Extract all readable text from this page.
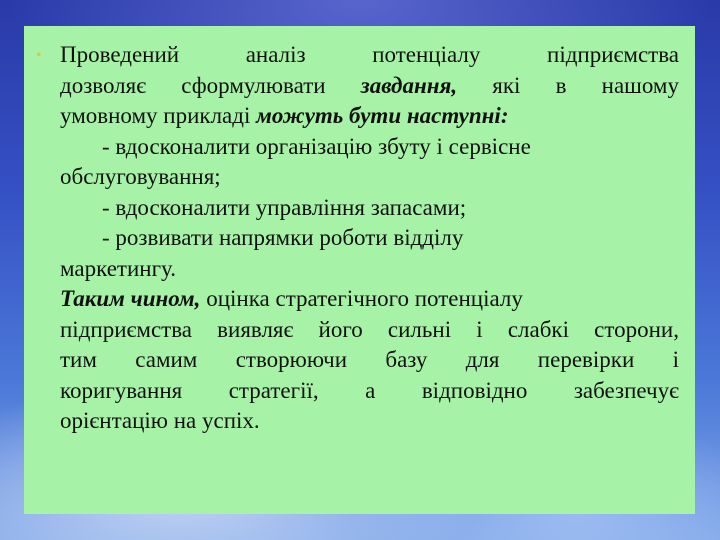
• Проведений аналіз потенціалу підприємства
дозволяє сформулювати завдання, які в нашому
умовному прикладі можуть бути наступні:

- вдосконалити організацію збуту і сервісне
обслуговування;
- вдосконалити управління запасами;
- розвивати напрямки роботи відділу
маркетингу.

Таким чином, оцінка стратегічного потенціалу
підприємства виявляє його сильні і слабкі сторони,
тим самим створюючи базу для перевірки і
коригування стратегії, а відповідно забезпечує
орієнтацію на успіх.
